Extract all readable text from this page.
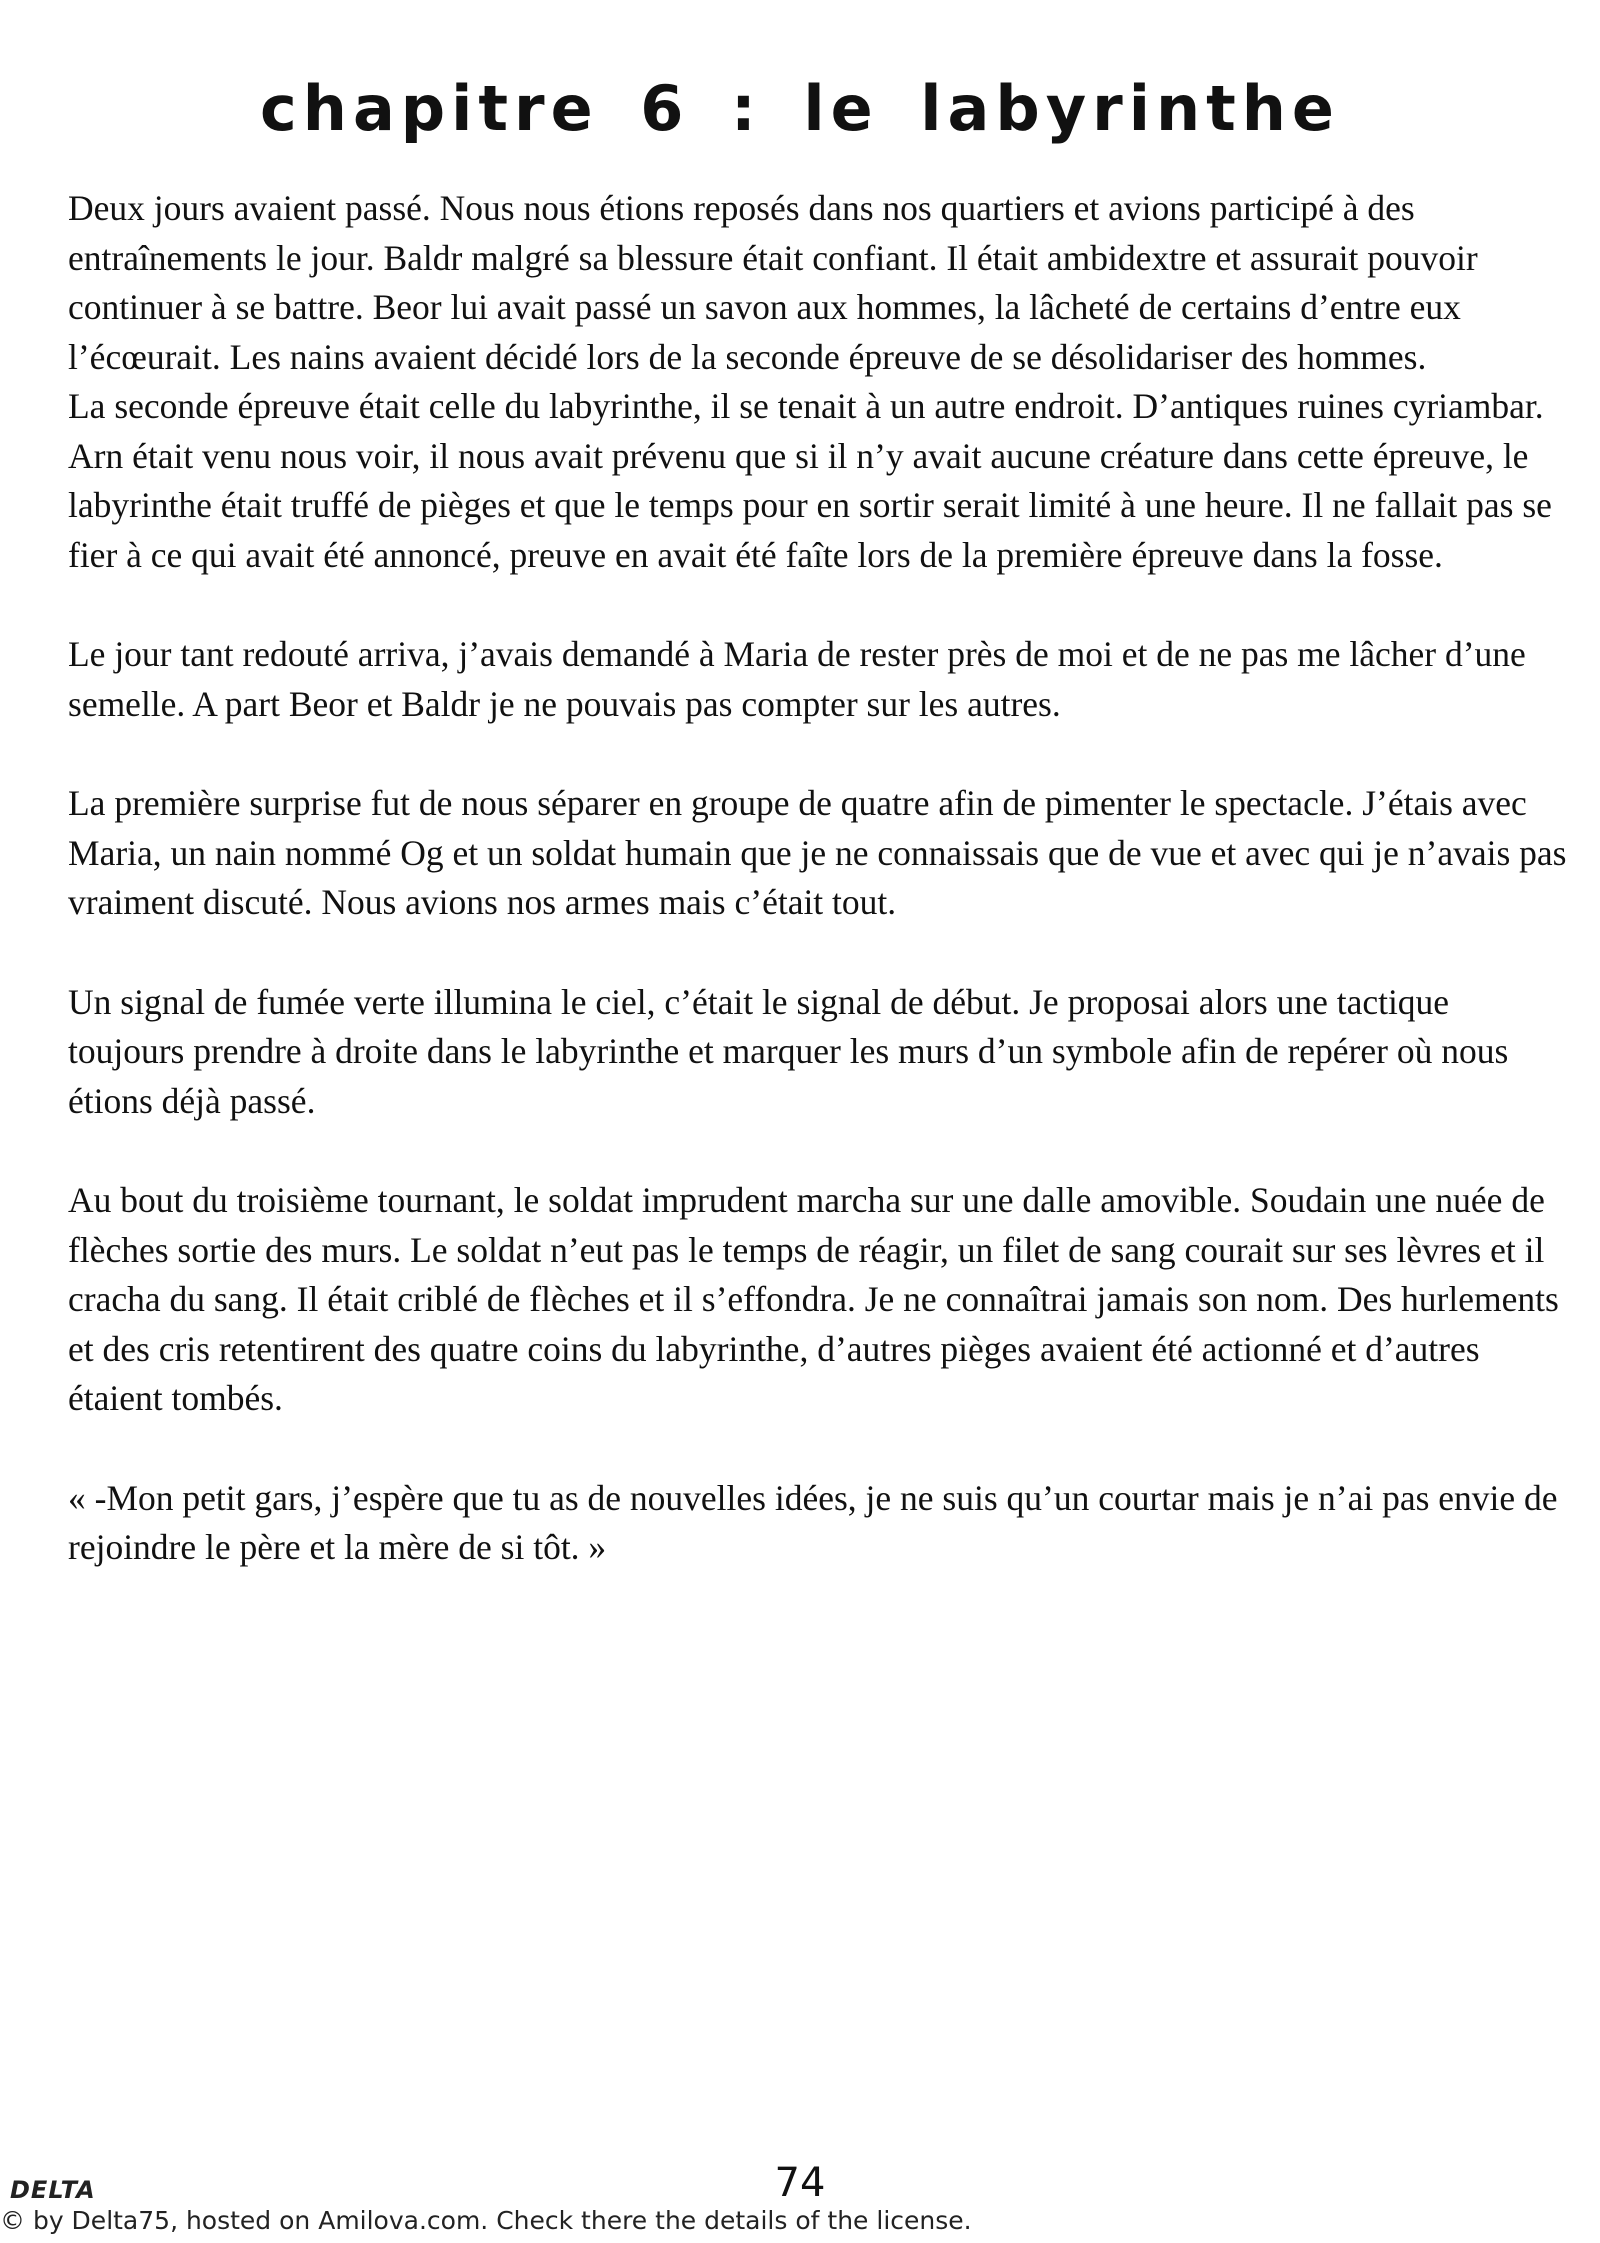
chapitre 6 : le labyrinthe

Deux jours avaient passé. Nous nous étions reposés dans nos quartiers et avions participé à des entraînements le jour. Baldr malgré sa blessure était confiant. Il était ambidextre et assurait pouvoir continuer à se battre. Beor lui avait passé un savon aux hommes, la lâcheté de certains d’entre eux l’écœurait. Les nains avaient décidé lors de la seconde épreuve de se désolidariser des hommes.

La seconde épreuve était celle du labyrinthe, il se tenait à un autre endroit. D’antiques ruines cyriambar. Arn était venu nous voir, il nous avait prévenu que si il n’y avait aucune créature dans cette épreuve, le labyrinthe était truffé de pièges et que le temps pour en sortir serait limité à une heure. Il ne fallait pas se fier à ce qui avait été annoncé, preuve en avait été faîte lors de la première épreuve dans la fosse.

Le jour tant redouté arriva, j’avais demandé à Maria de rester près de moi et de ne pas me lâcher d’une semelle. A part Beor et Baldr je ne pouvais pas compter sur les autres.

La première surprise fut de nous séparer en groupe de quatre afin de pimenter le spectacle. J’étais avec Maria, un nain nommé Og et un soldat humain que je ne connaissais que de vue et avec qui je n’avais pas vraiment discuté. Nous avions nos armes mais c’était tout.

Un signal de fumée verte illumina le ciel, c’était le signal de début. Je proposai alors une tactique toujours prendre à droite dans le labyrinthe et marquer les murs d’un symbole afin de repérer où nous étions déjà passé.

Au bout du troisième tournant, le soldat imprudent marcha sur une dalle amovible. Soudain une nuée de flèches sortie des murs. Le soldat n’eut pas le temps de réagir, un filet de sang courait sur ses lèvres et il cracha du sang. Il était criblé de flèches et il s’effondra. Je ne connaîtrai jamais son nom. Des hurlements et des cris retentirent des quatre coins du labyrinthe, d’autres pièges avaient été actionné et d’autres étaient tombés.

« -Mon petit gars, j’espère que tu as de nouvelles idées, je ne suis qu’un courtar mais je n’ai pas envie de rejoindre le père et la mère de si tôt. »

DELTA	74
© by Delta75, hosted on Amilova.com. Check there the details of the license.
